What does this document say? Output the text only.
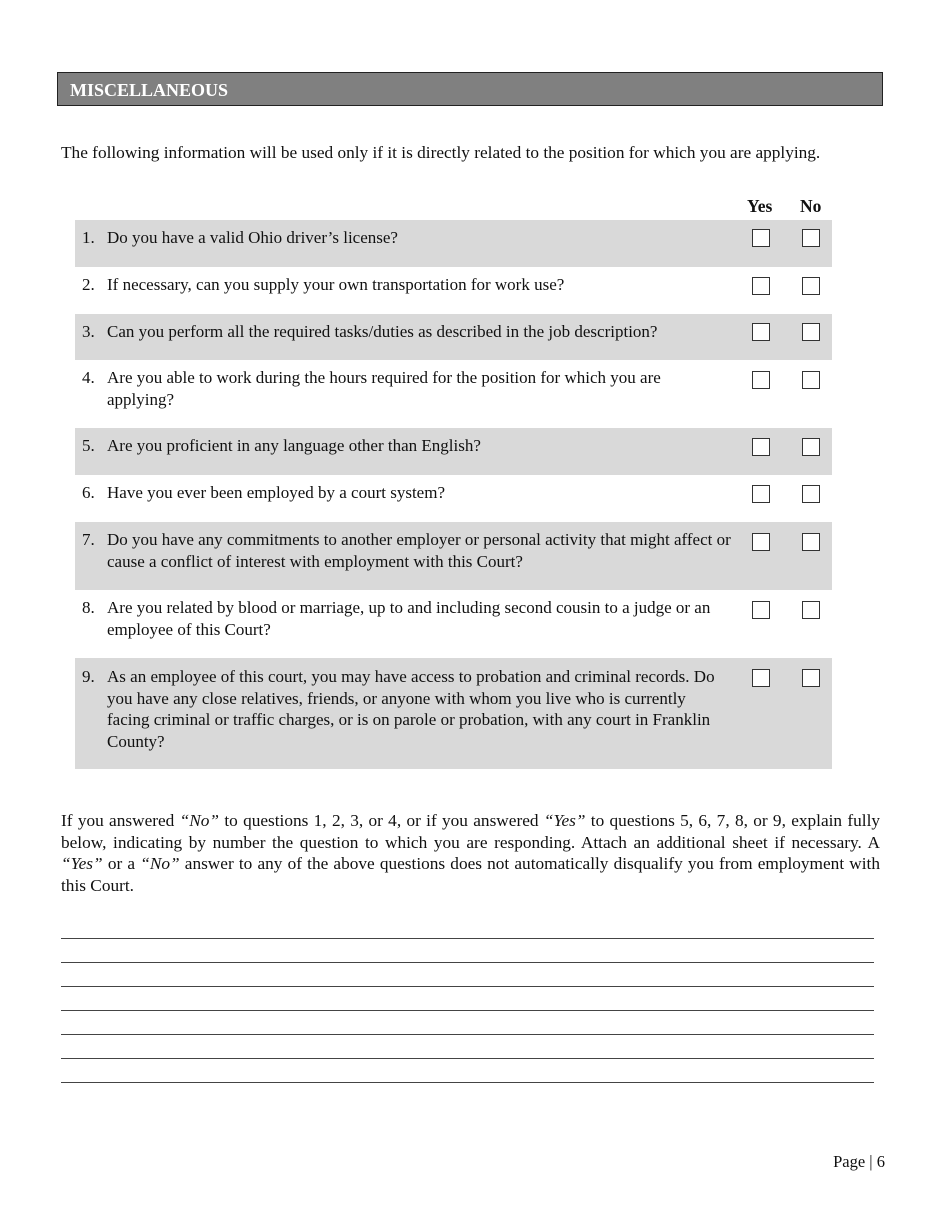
MISCELLANEOUS
The following information will be used only if it is directly related to the position for which you are applying.
Yes No
1. Do you have a valid Ohio driver’s license?
2. If necessary, can you supply your own transportation for work use?
3. Can you perform all the required tasks/duties as described in the job description?
4. Are you able to work during the hours required for the position for which you are applying?
5. Are you proficient in any language other than English?
6. Have you ever been employed by a court system?
7. Do you have any commitments to another employer or personal activity that might affect or cause a conflict of interest with employment with this Court?
8. Are you related by blood or marriage, up to and including second cousin to a judge or an employee of this Court?
9. As an employee of this court, you may have access to probation and criminal records. Do you have any close relatives, friends, or anyone with whom you live who is currently facing criminal or traffic charges, or is on parole or probation, with any court in Franklin County?
If you answered “No” to questions 1, 2, 3, or 4, or if you answered “Yes” to questions 5, 6, 7, 8, or 9, explain fully below, indicating by number the question to which you are responding. Attach an additional sheet if necessary. A “Yes” or a “No” answer to any of the above questions does not automatically disqualify you from employment with this Court.
Page | 6
